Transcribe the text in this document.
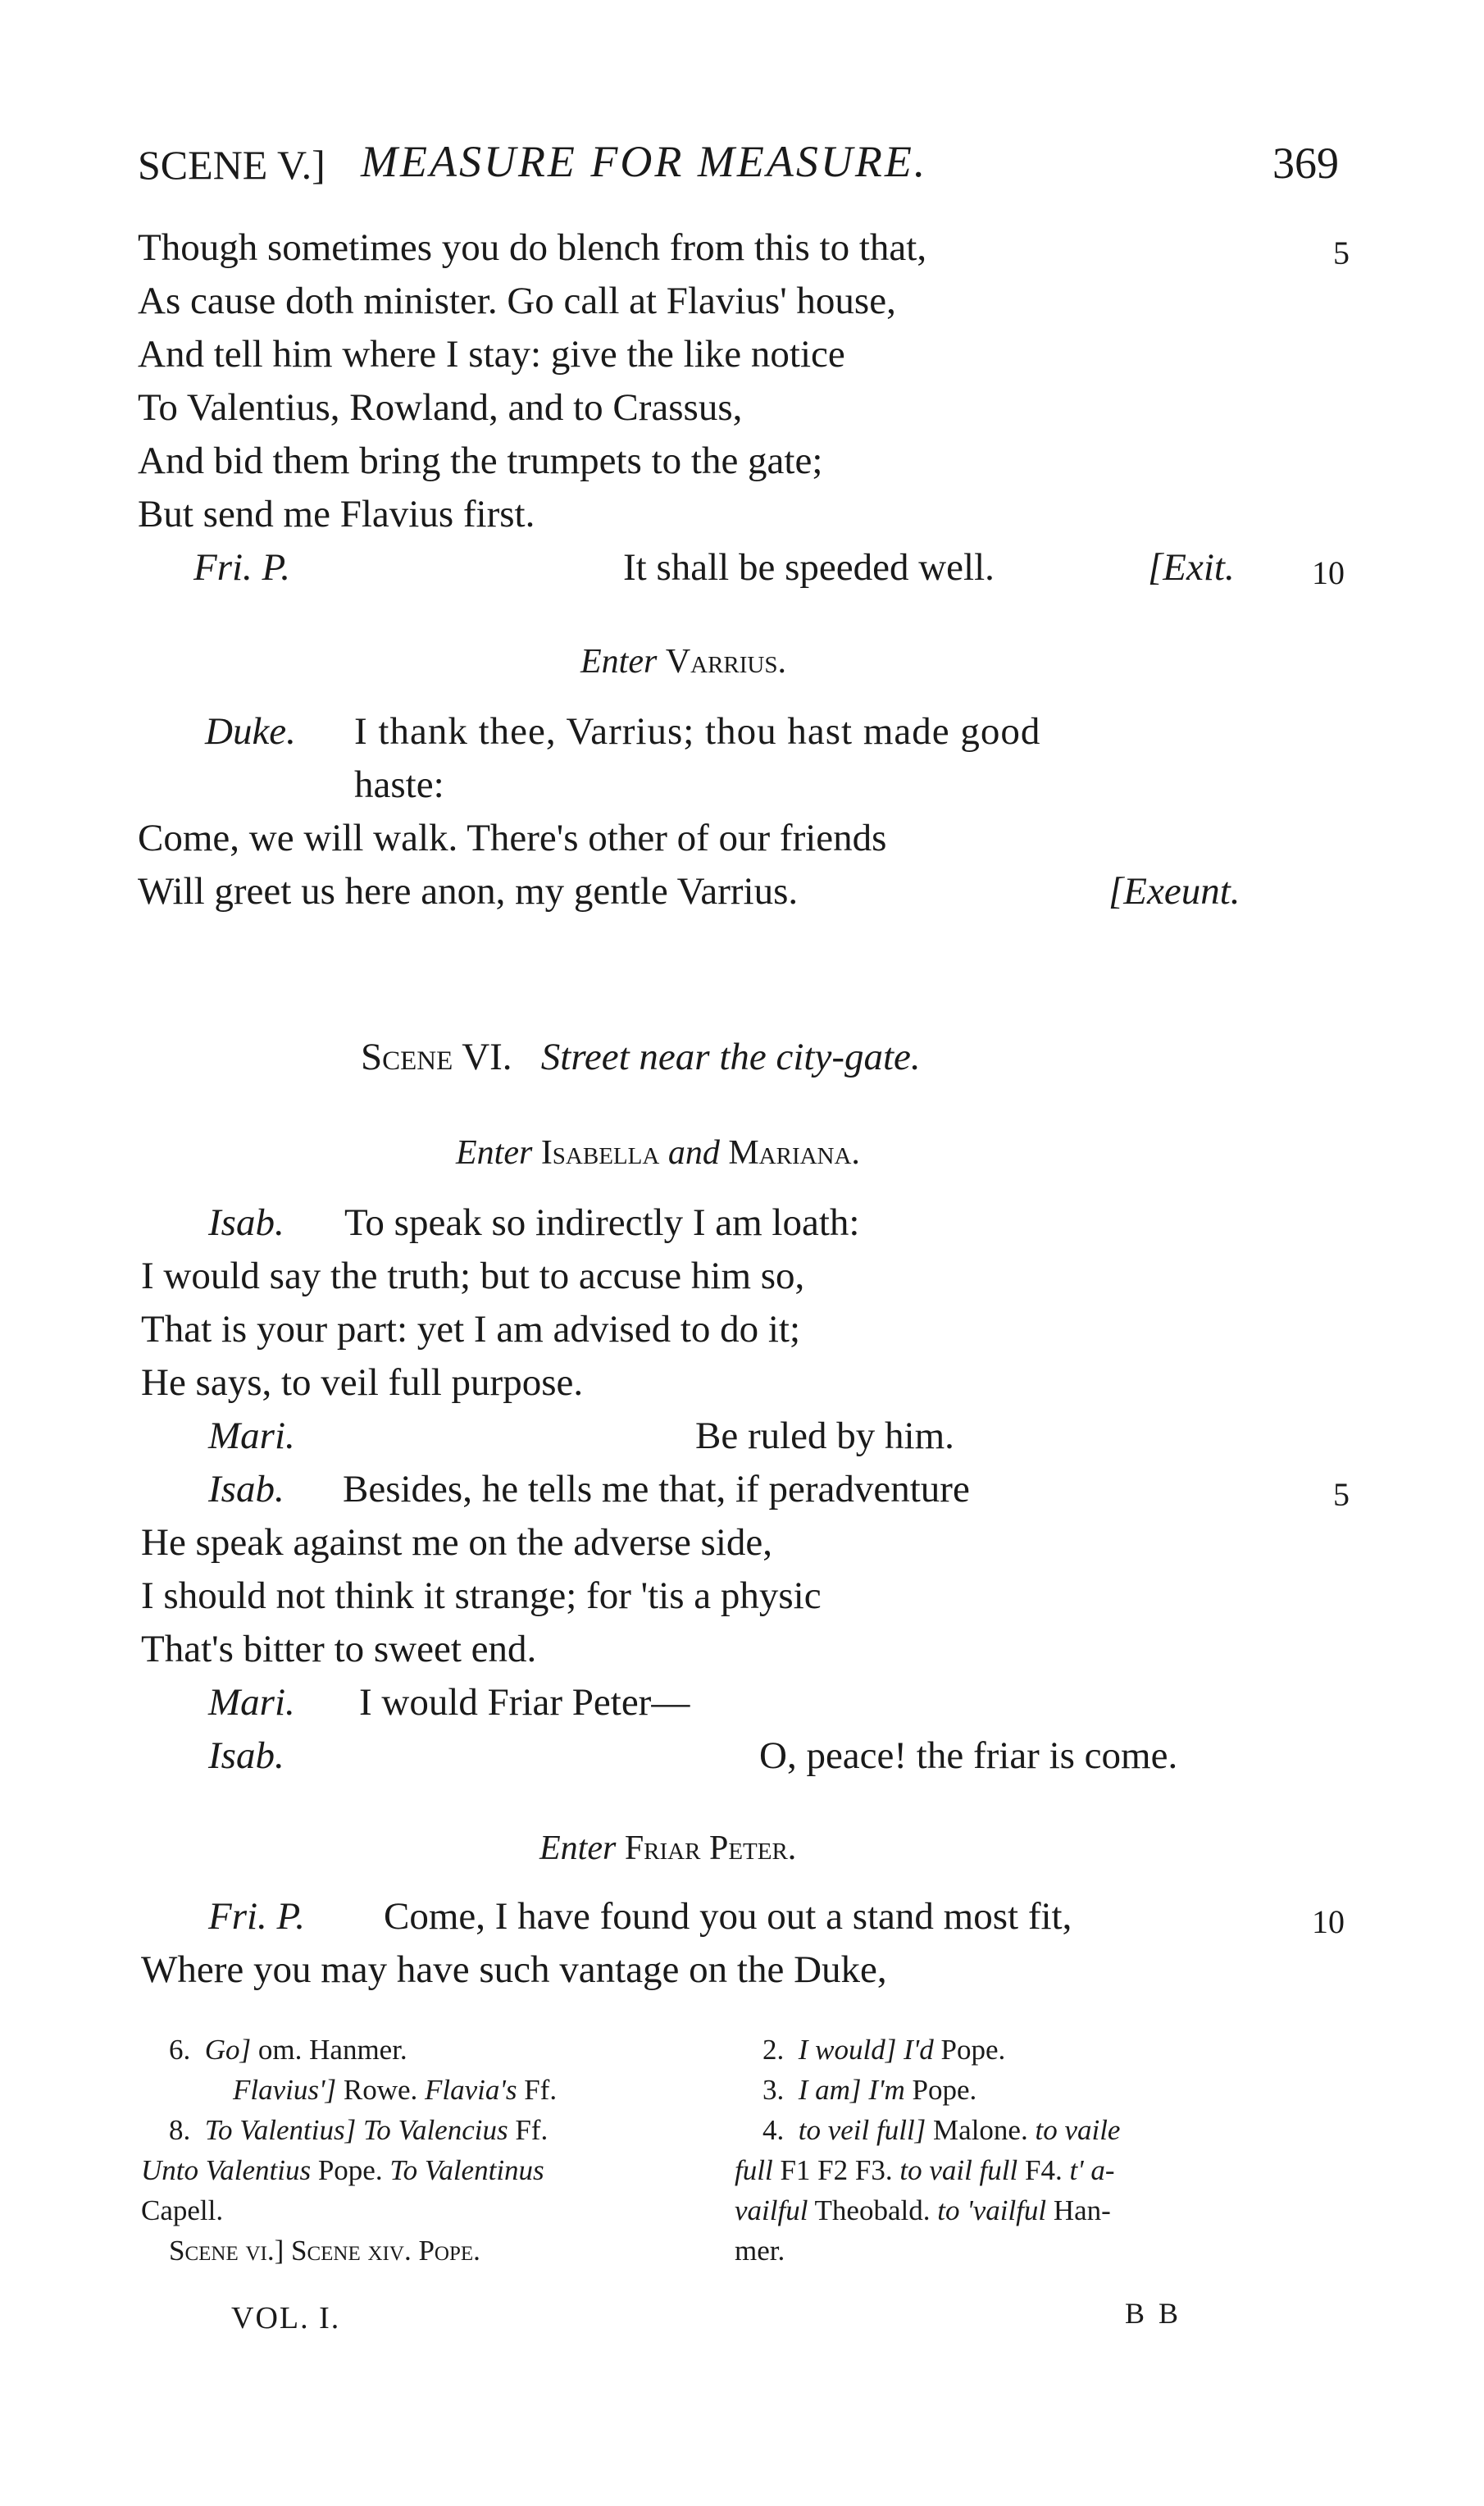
SCENE V.] MEASURE FOR MEASURE.	369
Though sometimes you do blench from this to that,	5
As cause doth minister. Go call at Flavius' house,
And tell him where I stay: give the like notice
To Valentius, Rowland, and to Crassus,
And bid them bring the trumpets to the gate;
But send me Flavius first.
Fri. P.	It shall be speeded well.	[Exit. 10
Enter Varrius.
Duke. I thank thee, Varrius; thou hast made good
haste:
Come, we will walk. There's other of our friends
Will greet us here anon, my gentle Varrius.	[Exeunt.
Scene VI. Street near the city-gate.
Enter Isabella and Mariana.
Isab. To speak so indirectly I am loath:
I would say the truth; but to accuse him so,
That is your part: yet I am advised to do it;
He says, to veil full purpose.
Mari.	Be ruled by him.
Isab. Besides, he tells me that, if peradventure	5
He speak against me on the adverse side,
I should not think it strange; for 'tis a physic
That's bitter to sweet end.
Mari. I would Friar Peter—
Isab.	O, peace! the friar is come.
Enter Friar Peter.
Fri. P. Come, I have found you out a stand most fit,	10
Where you may have such vantage on the Duke,
6. Go] om. Hanmer.
Flavius'] Rowe. Flavia's Ff.
8. To Valentius] To Valencius Ff.
Unto Valentius Pope. To Valentinus
Capell.
Scene vi.] Scene xiv. Pope.
2. I would] I'd Pope.
3. I am] I'm Pope.
4. to veil full] Malone. to vaile
full F1 F2 F3. to vail full F4. t' a-
vailful Theobald. to 'vailful Han-
mer.
VOL. I.	B B
